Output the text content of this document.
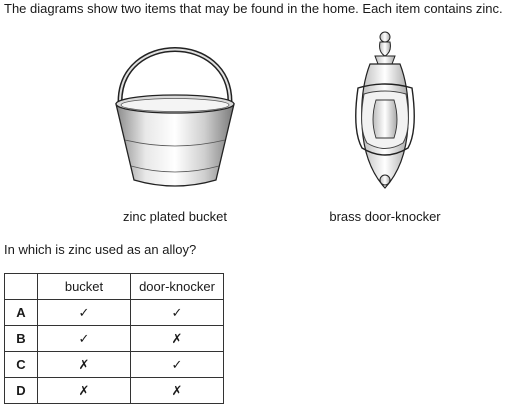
The diagrams show two items that may be found in the home. Each item contains zinc.

zinc plated bucket	brass door-knocker

In which is zinc used as an alloy?

	bucket	door-knocker
A	✓	✓
B	✓	✗
C	✗	✓
D	✗	✗
